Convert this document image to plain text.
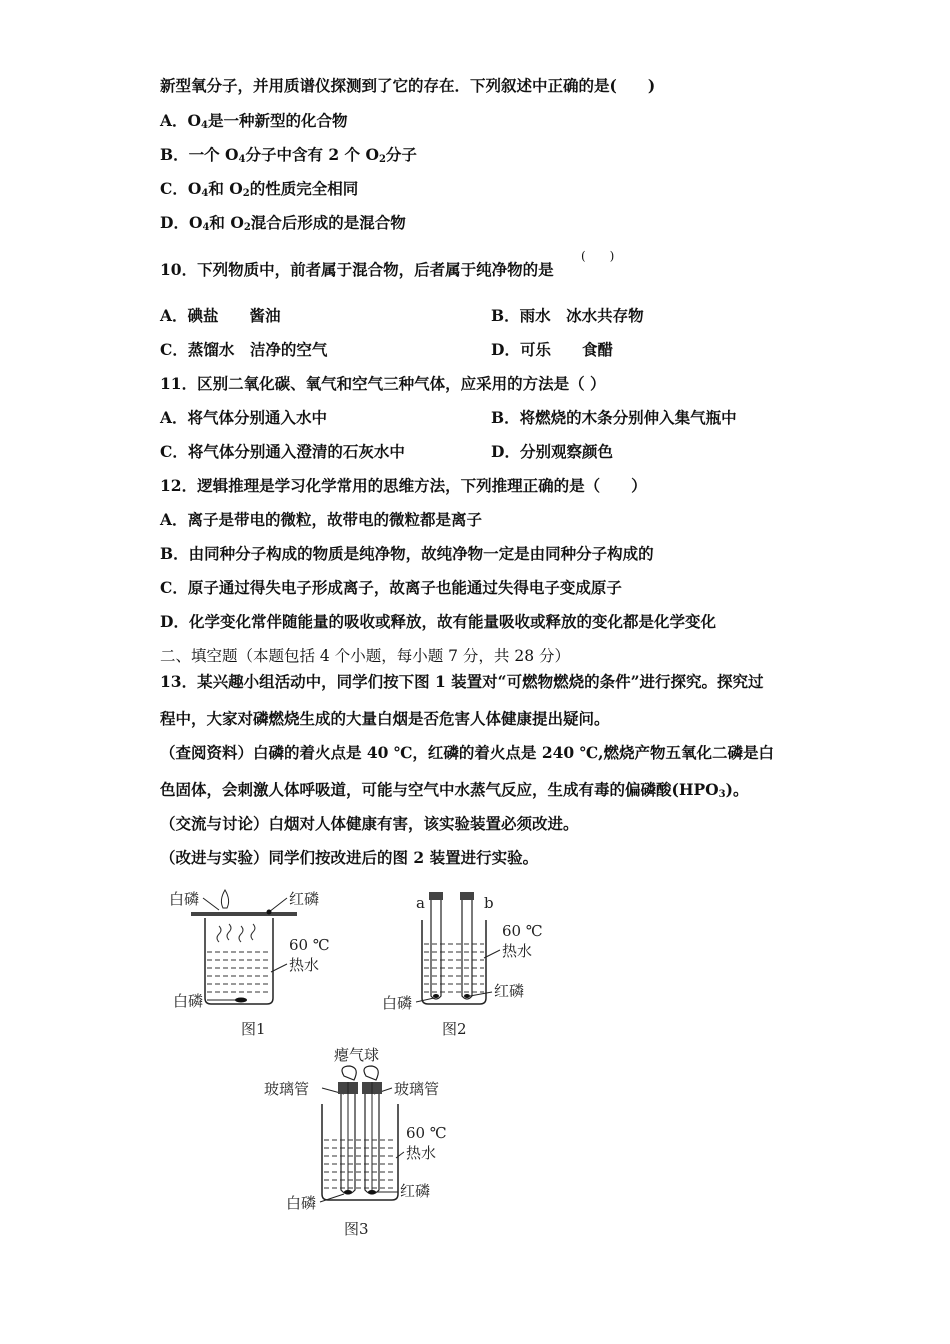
新型氧分子，并用质谱仪探测到了它的存在．下列叙述中正确的是(　　)
A．$O_4$是一种新型的化合物
B．一个 $O_4$分子中含有 2 个 $O_2$分子
C．$O_4$和 $O_2$的性质完全相同
D．$O_4$和 $O_2$混合后形成的是混合物
10．下列物质中，前者属于混合物，后者属于纯净物的是
(　　)
A．碘盐　　酱油	B．雨水　冰水共存物
C．蒸馏水　洁净的空气	D．可乐　　食醋
11．区别二氧化碳、氧气和空气三种气体，应采用的方法是（ ）
A．将气体分别通入水中	B．将燃烧的木条分别伸入集气瓶中
C．将气体分别通入澄清的石灰水中	D．分别观察颜色
12．逻辑推理是学习化学常用的思维方法，下列推理正确的是（　　）
A．离子是带电的微粒，故带电的微粒都是离子
B．由同种分子构成的物质是纯净物，故纯净物一定是由同种分子构成的
C．原子通过得失电子形成离子，故离子也能通过失得电子变成原子
D．化学变化常伴随能量的吸收或释放，故有能量吸收或释放的变化都是化学变化
二、填空题（本题包括 4 个小题，每小题 7 分，共 28 分）
13．某兴趣小组活动中，同学们按下图 1 装置对“可燃物燃烧的条件”进行探究。探究过
程中，大家对磷燃烧生成的大量白烟是否危害人体健康提出疑问。
（查阅资料）白磷的着火点是 40 ℃，红磷的着火点是 240 ℃,燃烧产物五氧化二磷是白
色固体，会刺激人体呼吸道，可能与空气中水蒸气反应，生成有毒的偏磷酸$(HPO_3)$。
（交流与讨论）白烟对人体健康有害，该实验装置必须改进。
（改进与实验）同学们按改进后的图 2 装置进行实验。
白磷	红磷
60 ℃
热水
白磷
图1
a	b
60 ℃
热水
白磷
红磷
图2
瘪气球
玻璃管	玻璃管
60 ℃
热水
白磷
红磷
图3
